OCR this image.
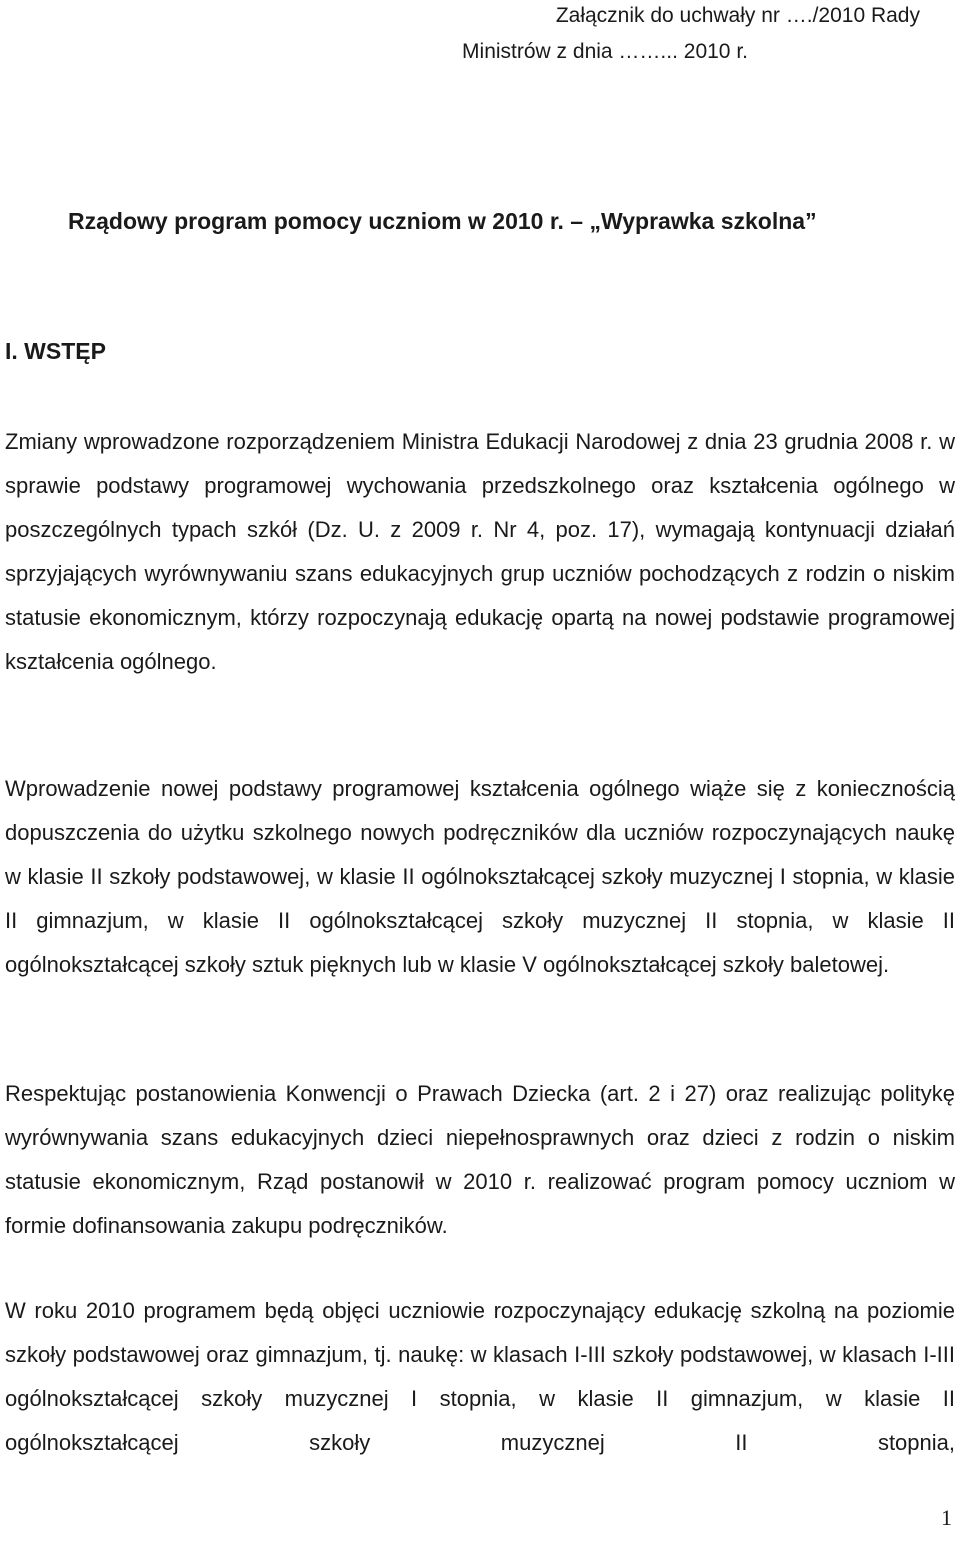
Załącznik do uchwały nr …./2010 Rady
Ministrów z dnia ……... 2010 r.
Rządowy program pomocy uczniom w 2010 r. – „Wyprawka szkolna”
I. WSTĘP

Zmiany wprowadzone rozporządzeniem Ministra Edukacji Narodowej z dnia 23 grudnia 2008 r. w sprawie podstawy programowej wychowania przedszkolnego oraz kształcenia ogólnego w poszczególnych typach szkół (Dz. U. z 2009 r. Nr 4, poz. 17), wymagają kontynuacji działań sprzyjających wyrównywaniu szans edukacyjnych grup uczniów pochodzących z rodzin o niskim statusie ekonomicznym, którzy rozpoczynają edukację opartą na nowej podstawie programowej kształcenia ogólnego.

Wprowadzenie nowej podstawy programowej kształcenia ogólnego wiąże się z koniecznością dopuszczenia do użytku szkolnego nowych podręczników dla uczniów rozpoczynających naukę w klasie II szkoły podstawowej, w klasie II ogólnokształcącej szkoły muzycznej I stopnia, w klasie II gimnazjum, w klasie II ogólnokształcącej szkoły muzycznej II stopnia, w klasie II ogólnokształcącej szkoły sztuk pięknych lub w klasie V ogólnokształcącej szkoły baletowej.

Respektując postanowienia Konwencji o Prawach Dziecka (art. 2 i 27) oraz realizując politykę wyrównywania szans edukacyjnych dzieci niepełnosprawnych oraz dzieci z rodzin o niskim statusie ekonomicznym, Rząd postanowił w 2010 r. realizować program pomocy uczniom w formie dofinansowania zakupu podręczników.

W roku 2010 programem będą objęci uczniowie rozpoczynający edukację szkolną na poziomie szkoły podstawowej oraz gimnazjum, tj. naukę: w klasach I-III szkoły podstawowej, w klasach I-III ogólnokształcącej szkoły muzycznej I stopnia, w klasie II gimnazjum, w klasie II ogólnokształcącej szkoły muzycznej II stopnia,

1
